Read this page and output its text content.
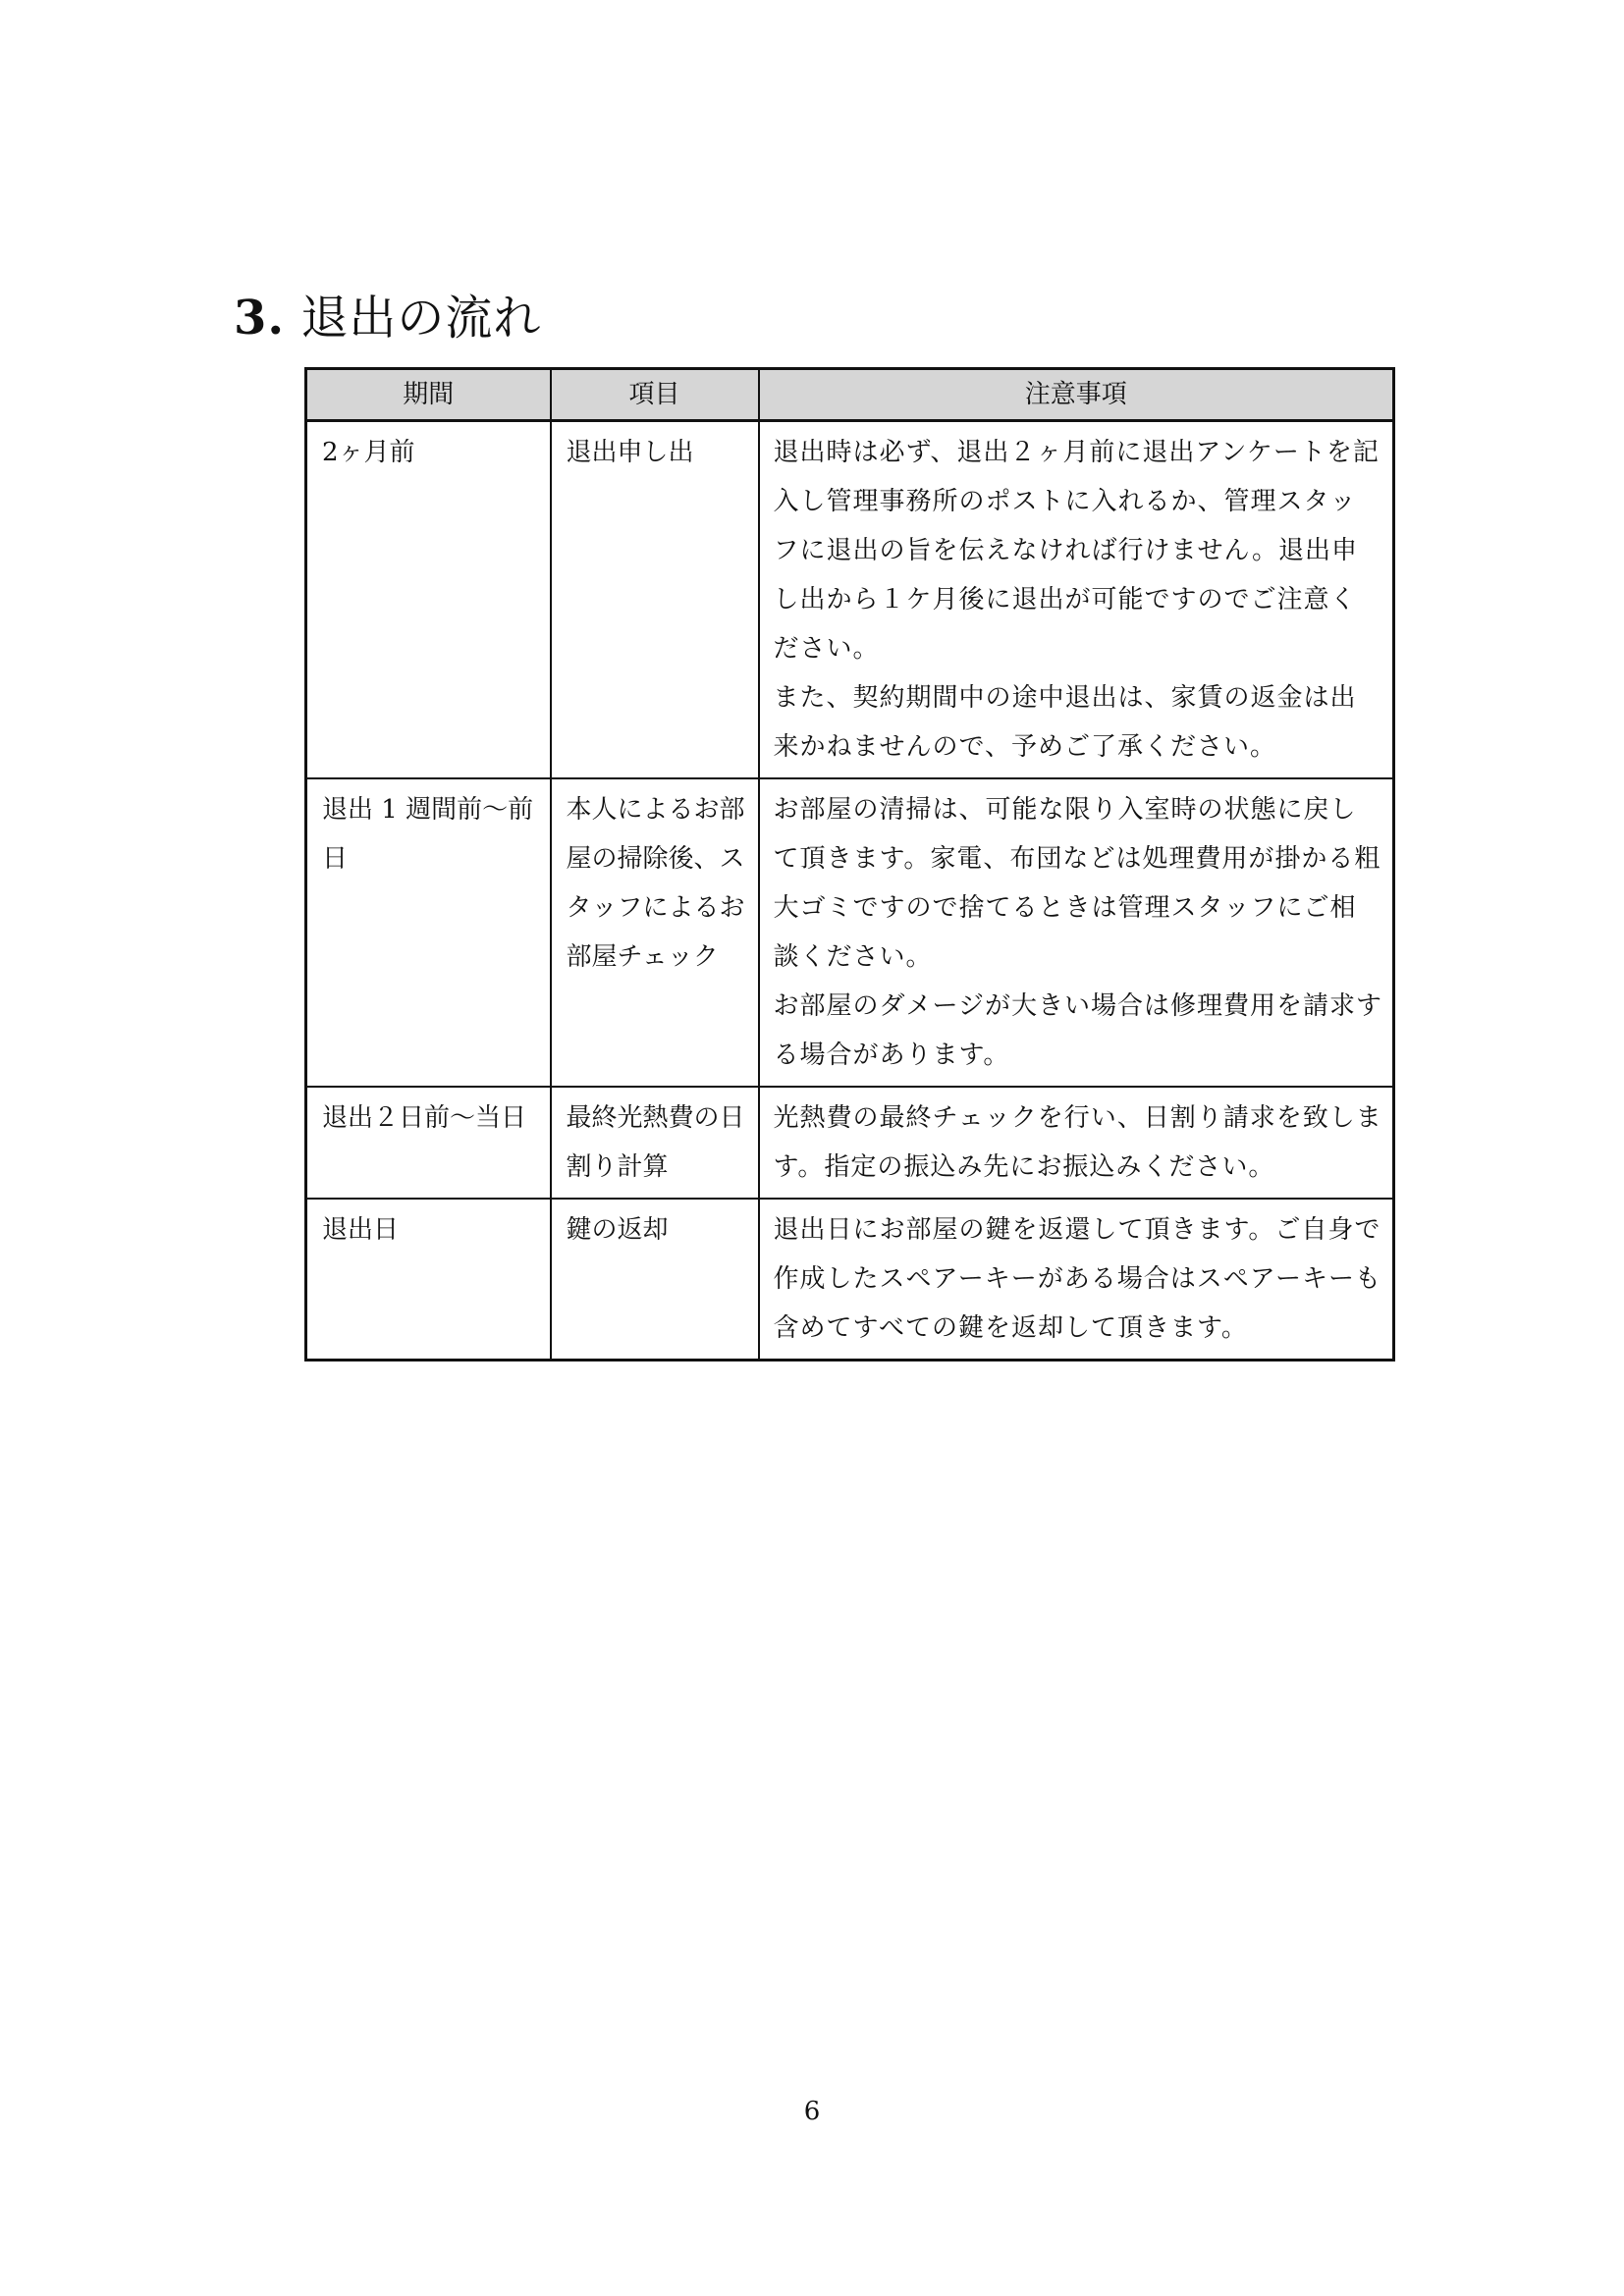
3. 退出の流れ
期間	項目	注意事項
2ヶ月前	退出申し出	退出時は必ず、退出２ヶ月前に退出アンケートを記入し管理事務所のポストに入れるか、管理スタッフに退出の旨を伝えなければ行けません。退出申し出から１ケ月後に退出が可能ですのでご注意ください。
また、契約期間中の途中退出は、家賃の返金は出来かねませんので、予めご了承ください。

退出 1 週間前～前日	本人によるお部屋の掃除後、スタッフによるお部屋チェック	お部屋の清掃は、可能な限り入室時の状態に戻して頂きます。家電、布団などは処理費用が掛かる粗大ゴミですので捨てるときは管理スタッフにご相談ください。
お部屋のダメージが大きい場合は修理費用を請求する場合があります。

退出２日前～当日	最終光熱費の日割り計算	光熱費の最終チェックを行い、日割り請求を致します。指定の振込み先にお振込みください。

退出日	鍵の返却	退出日にお部屋の鍵を返還して頂きます。ご自身で作成したスペアーキーがある場合はスペアーキーも含めてすべての鍵を返却して頂きます。
6
